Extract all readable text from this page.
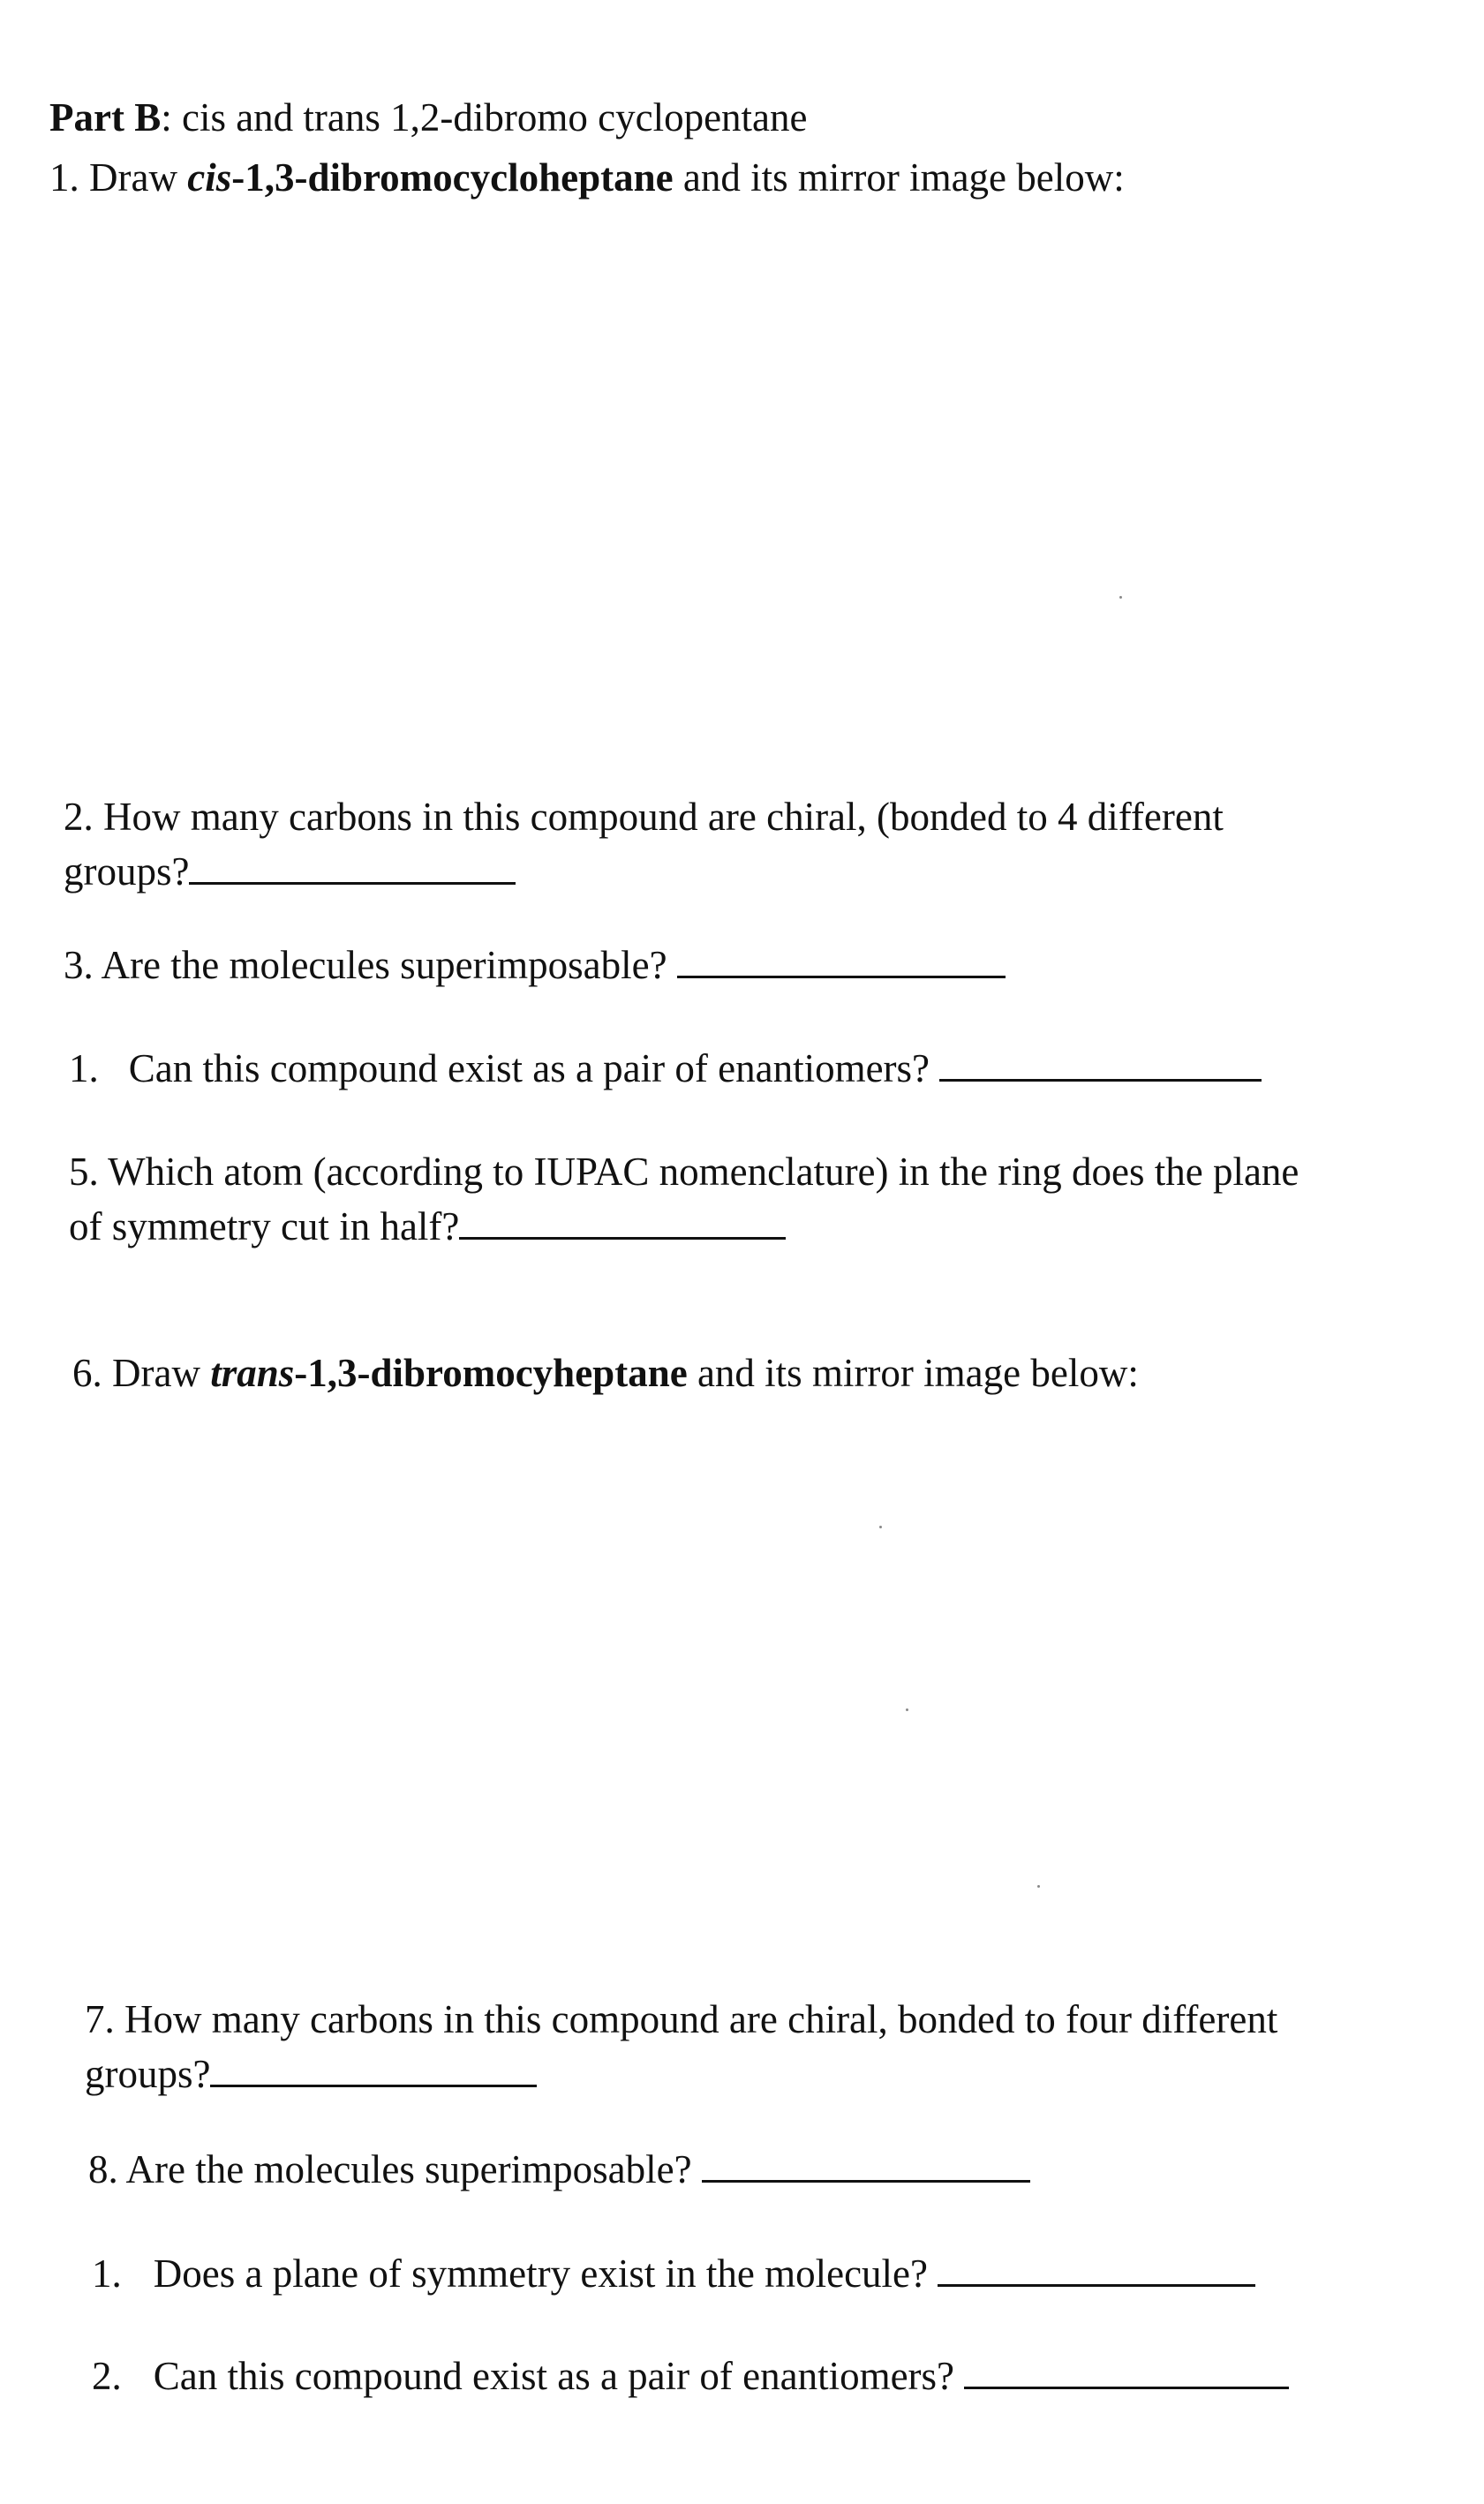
Part B: cis and trans 1,2-dibromo cyclopentane
1. Draw cis-1,3-dibromocycloheptane and its mirror image below:
2. How many carbons in this compound are chiral, (bonded to 4 different
groups?
3. Are the molecules superimposable?
1. Can this compound exist as a pair of enantiomers?
5. Which atom (according to IUPAC nomenclature) in the ring does the plane
of symmetry cut in half?
6. Draw trans-1,3-dibromocyheptane and its mirror image below:
7. How many carbons in this compound are chiral, bonded to four different
groups?
8. Are the molecules superimposable?
1. Does a plane of symmetry exist in the molecule?
2. Can this compound exist as a pair of enantiomers?
